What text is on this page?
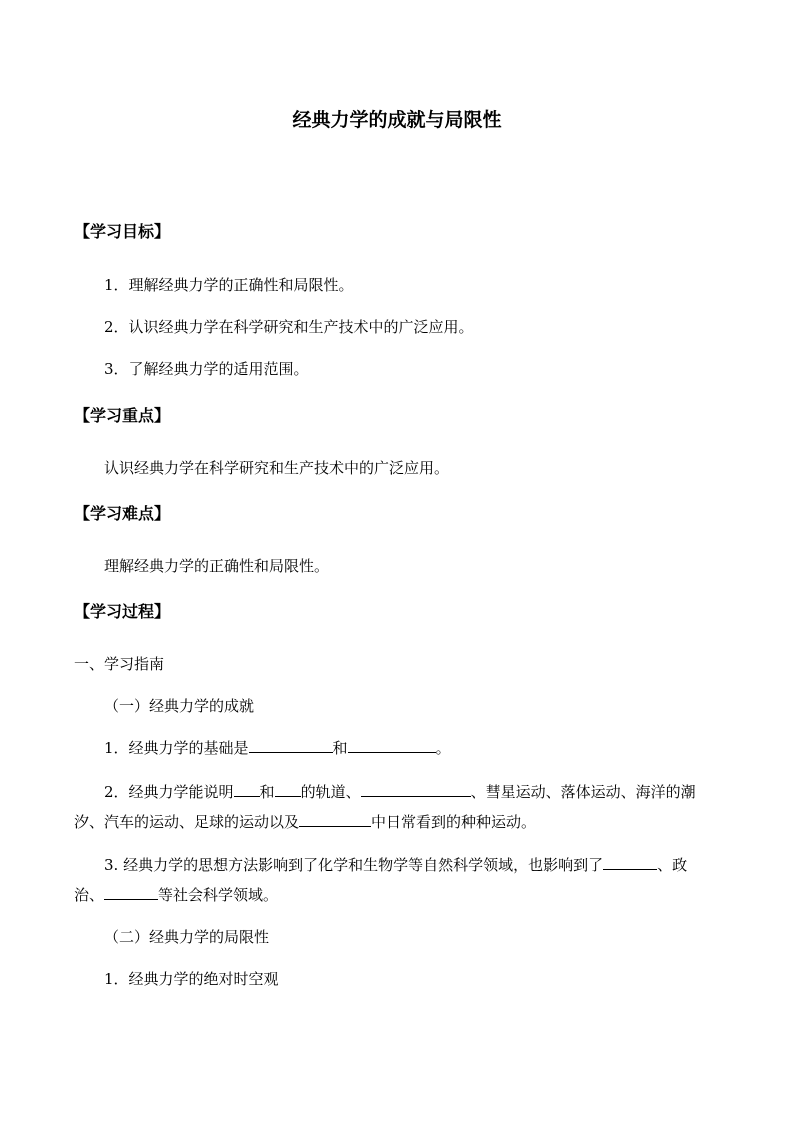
经典力学的成就与局限性
【学习目标】
1．理解经典力学的正确性和局限性。
2．认识经典力学在科学研究和生产技术中的广泛应用。
3．了解经典力学的适用范围。
【学习重点】
认识经典力学在科学研究和生产技术中的广泛应用。
【学习难点】
理解经典力学的正确性和局限性。
【学习过程】
一、学习指南
（一）经典力学的成就
1．经典力学的基础是	和	。
2．经典力学能说明 和 的轨道、	、彗星运动、落体运动、海洋的潮
汐、汽车的运动、足球的运动以及	中日常看到的种种运动。
3. 经典力学的思想方法影响到了化学和生物学等自然科学领域，也影响到了	、政
治、	等社会科学领域。
（二）经典力学的局限性
1．经典力学的绝对时空观
